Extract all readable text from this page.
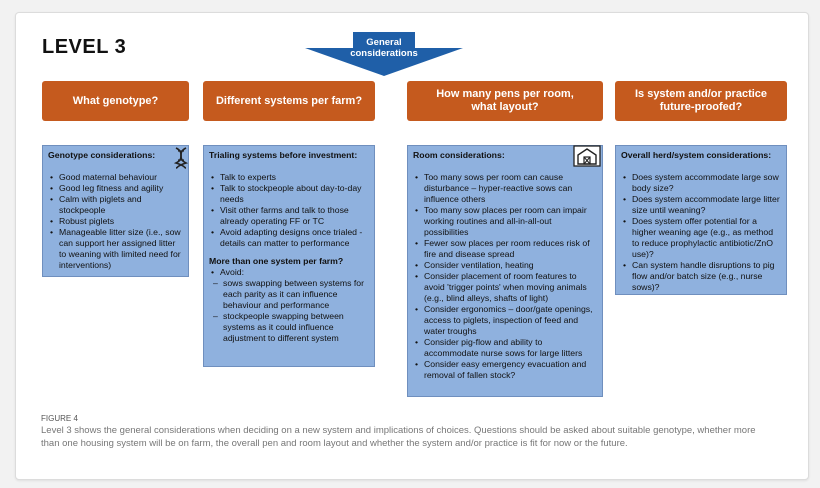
LEVEL 3	General
considerations
What genotype?	Different systems per farm?
How many pens per room,
what layout?
Is system and/or practice
future-proofed?
Genotype considerations:
• Good maternal behaviour
• Good leg fitness and agility
• Calm with piglets and stockpeople
• Robust piglets
• Manageable litter size (i.e., sow can support her assigned litter to weaning with limited need for interventions)
Trialing systems before investment:
• Talk to experts
• Talk to stockpeople about day-to-day needs
• Visit other farms and talk to those already operating FF or TC
• Avoid adapting designs once trialed - details can matter to performance
More than one system per farm?
• Avoid:
– sows swapping between systems for each parity as it can influence behaviour and performance
– stockpeople swapping between systems as it could influence adjustment to different system
Room considerations:
• Too many sows per room can cause disturbance – hyper-reactive sows can influence others
• Too many sow places per room can impair working routines and all-in-all-out possibilities
• Fewer sow places per room reduces risk of fire and disease spread
• Consider ventilation, heating
• Consider placement of room features to avoid 'trigger points' when moving animals (e.g., blind alleys, shafts of light)
• Consider ergonomics – door/gate openings, access to piglets, inspection of feed and water troughs
• Consider pig-flow and ability to accommodate nurse sows for large litters
• Consider easy emergency evacuation and removal of fallen stock?
Overall herd/system considerations:
• Does system accommodate large sow body size?
• Does system accommodate large litter size until weaning?
• Does system offer potential for a higher weaning age (e.g., as method to reduce prophylactic antibiotic/ZnO use)?
• Can system handle disruptions to pig flow and/or batch size (e.g., nurse sows)?
FIGURE 4
Level 3 shows the general considerations when deciding on a new system and implications of choices. Questions should be asked about suitable genotype, whether more than one housing system will be on farm, the overall pen and room layout and whether the system and/or practice is fit for now or the future.
